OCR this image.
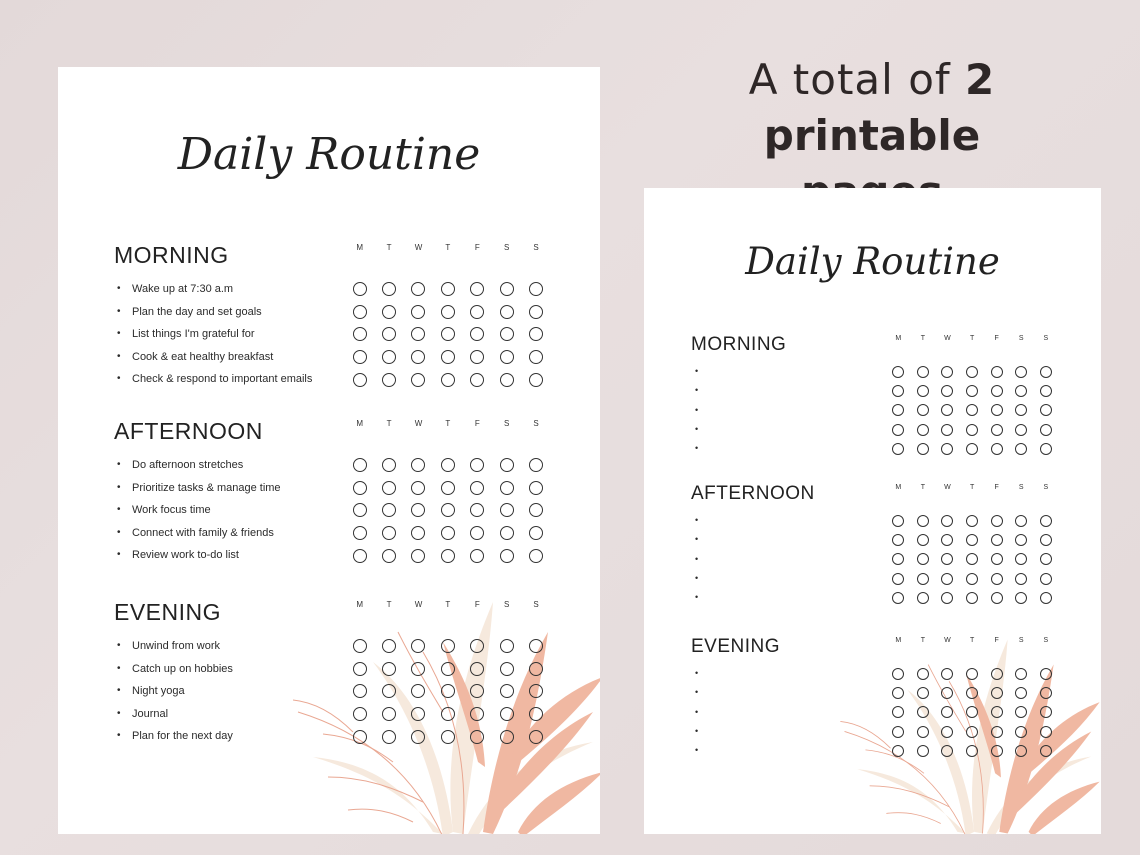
A total of 2
printable
Daily Routine
MORNING	M	T	W	T	F	S	S
• Wake up at 7:30 a.m
• Plan the day and set goals
• List things I'm grateful for
• Cook & eat healthy breakfast
• Check & respond to important emails
AFTERNOON	M	T	W	T	F	S	S
• Do afternoon stretches
• Prioritize tasks & manage time
• Work focus time
• Connect with family & friends
• Review work to-do list
EVENING	M	T	W	T	F	S	S
• Unwind from work
• Catch up on hobbies
• Night yoga
• Journal
• Plan for the next day
Daily Routine
MORNING	M	T	W	T	F	S	S
•
•
•
•
•
AFTERNOON	M	T	W	T	F	S	S
•
•
•
•
•
EVENING	M	T	W	T	F	S	S
•
•
•
•
•
